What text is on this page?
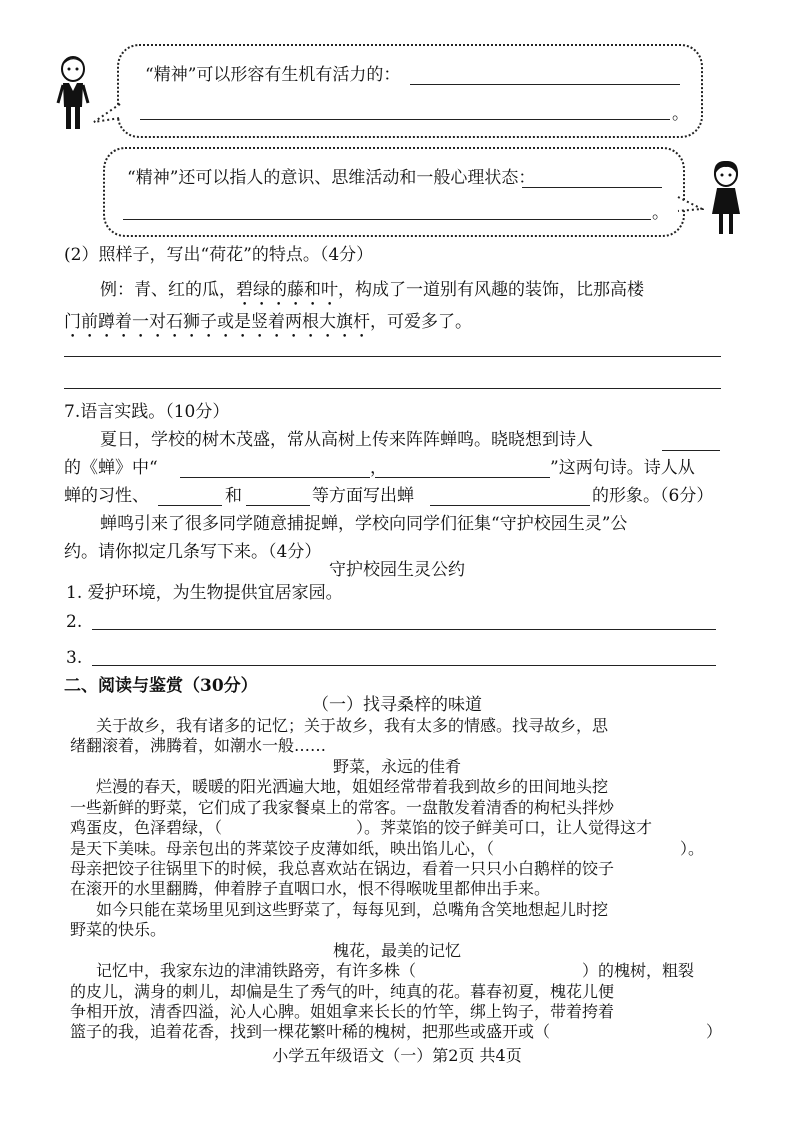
“精神”可以形容有生机有活力的：
。
“精神”还可以指人的意识、思维活动和一般心理状态：
。
(2）照样子，写出“荷花”的特点。（4分）
例：青、红的瓜，碧绿的藤和叶，构成了一道别有风趣的装饰，比那高楼
门前蹲着一对石狮子或是竖着两根大旗杆，可爱多了。
7.语言实践。（10分）
夏日，学校的树木茂盛，常从高树上传来阵阵蝉鸣。晓晓想到诗人
的《蝉》中“	，	”这两句诗。诗人从
蝉的习性、	和	等方面写出蝉	的形象。（6分）
蝉鸣引来了很多同学随意捕捉蝉，学校向同学们征集“守护校园生灵”公
约。请你拟定几条写下来。（4分）
守护校园生灵公约
1. 爱护环境，为生物提供宜居家园。
2.
3.
二、阅读与鉴赏（30分）
（一）找寻桑梓的味道
关于故乡，我有诸多的记忆；关于故乡，我有太多的情感。找寻故乡，思
绪翻滚着，沸腾着，如潮水一般……
野菜，永远的佳肴
烂漫的春天，暖暖的阳光洒遍大地，姐姐经常带着我到故乡的田间地头挖
一些新鲜的野菜，它们成了我家餐桌上的常客。一盘散发着清香的枸杞头拌炒
鸡蛋皮，色泽碧绿，（	）。荠菜馅的饺子鲜美可口，让人觉得这才
是天下美味。母亲包出的荠菜饺子皮薄如纸，映出馅儿心，（	）。
母亲把饺子往锅里下的时候，我总喜欢站在锅边，看着一只只小白鹅样的饺子
在滚开的水里翻腾，伸着脖子直咽口水，恨不得喉咙里都伸出手来。
如今只能在菜场里见到这些野菜了，每每见到，总嘴角含笑地想起儿时挖
野菜的快乐。
槐花，最美的记忆
记忆中，我家东边的津浦铁路旁，有许多株（	）的槐树，粗裂
的皮儿，满身的刺儿，却偏是生了秀气的叶，纯真的花。暮春初夏，槐花儿便
争相开放，清香四溢，沁人心脾。姐姐拿来长长的竹竿，绑上钩子，带着挎着
篮子的我，追着花香，找到一棵花繁叶稀的槐树，把那些或盛开或（	）
小学五年级语文（一）第2页 共4页
